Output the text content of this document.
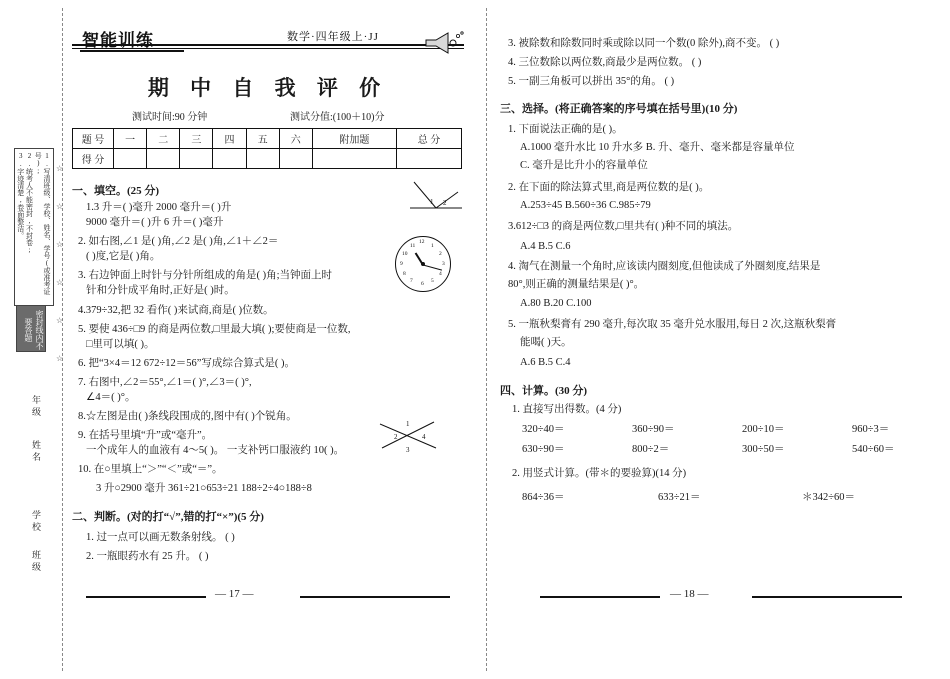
1.写清班级、学校、姓名、学号(或准考证号);
2.统考人不能密封,不封卷;
3.字迹清楚,卷面整洁。
密封线内不要答题
年级
姓名
学校
班级
☆
☆
☆
☆
☆
☆
智能训练	数学·四年级上·JJ
期 中 自 我 评 价
测试时间:90 分钟	测试分值:(100＋10)分
题 号	一	二	三	四	五	六	附加题	总 分
得 分								
一、填空。(25 分)
1.3 升＝( )毫升 2000 毫升＝( )升
9000 毫升＝( )升 6 升＝( )毫升
2. 如右图,∠1 是( )角,∠2 是( )角,∠1＋∠2＝
( )度,它是( )角。
1 2
3. 右边钟面上时针与分针所组成的角是( )角;当钟面上时
针和分针成平角时,正好是( )时。
12
1
2
3
4
5
6
7
8
9
10
11
4.379÷32,把 32 看作( )来试商,商是( )位数。
5. 要使 436÷□9 的商是两位数,□里最大填( );要使商是一位数,
□里可以填( )。
6. 把“3×4＝12 672÷12＝56”写成综合算式是( )。
7. 右图中,∠2＝55°,∠1＝( )°,∠3＝( )°,
∠4＝( )°。
1
2
3
4
8.☆左图是由( )条线段围成的,图中有( )个锐角。
9. 在括号里填“升”或“毫升”。
一个成年人的血液有 4～5( )。 一支补钙口服液约 10( )。
10. 在○里填上“＞”“＜”或“＝”。
3 升○2900 毫升 361÷21○653÷21 188÷2÷4○188÷8
二、判断。(对的打“√”,错的打“×”)(5 分)
1. 过一点可以画无数条射线。 ( )
2. 一瓶眼药水有 25 升。 ( )
— 17 —
3. 被除数和除数同时乘或除以同一个数(0 除外),商不变。 ( )
4. 三位数除以两位数,商最少是两位数。 ( )
5. 一副三角板可以拼出 35°的角。 ( )
三、选择。(将正确答案的序号填在括号里)(10 分)
1. 下面说法正确的是( )。
A.1000 毫升水比 10 升水多 B. 升、毫升、毫米都是容量单位
C. 毫升是比升小的容量单位
2. 在下面的除法算式里,商是两位数的是( )。
A.253÷45 B.560÷36 C.985÷79
3.612÷□3 的商是两位数,□里共有( )种不同的填法。
A.4 B.5 C.6
4. 淘气在测量一个角时,应该读内圈刻度,但他读成了外圈刻度,结果是
80°,则正确的测量结果是( )°。
A.80 B.20 C.100
5. 一瓶秋梨膏有 290 毫升,每次取 35 毫升兑水服用,每日 2 次,这瓶秋梨膏
能喝( )天。
A.6 B.5 C.4
四、计算。(30 分)
1. 直接写出得数。(4 分)
320÷40＝	360÷90＝	200÷10＝	960÷3＝
630÷90＝	800÷2＝	300÷50＝	540÷60＝
2. 用竖式计算。(带＊的要验算)(14 分)
864÷36＝	633÷21＝	＊342÷60＝
— 18 —
